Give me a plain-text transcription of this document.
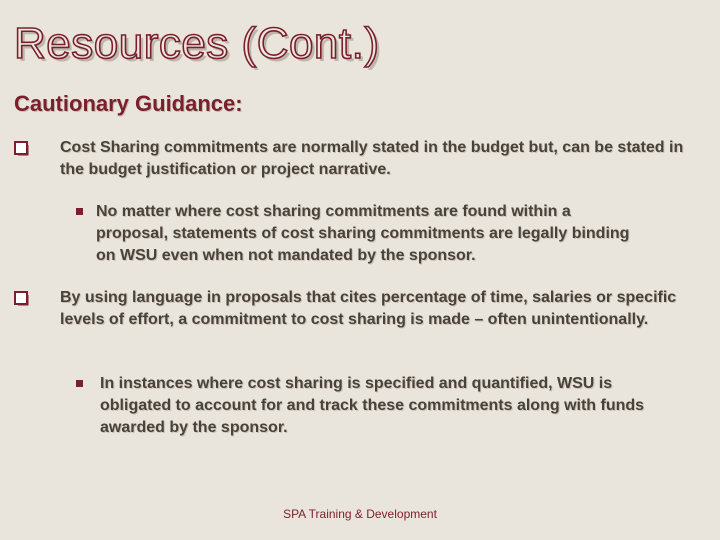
Resources (Cont.)
Cautionary Guidance:
Cost Sharing commitments are normally stated in the budget but, can be stated in the budget justification or project narrative.
No matter where cost sharing commitments are found within a proposal, statements of cost sharing commitments are legally binding on WSU even when not mandated by the sponsor.
By using language in proposals that cites percentage of time, salaries or specific levels of effort, a commitment to cost sharing is made – often unintentionally.
In instances where cost sharing is specified and quantified, WSU is obligated to account for and track these commitments along with funds awarded by the sponsor.
SPA Training & Development
